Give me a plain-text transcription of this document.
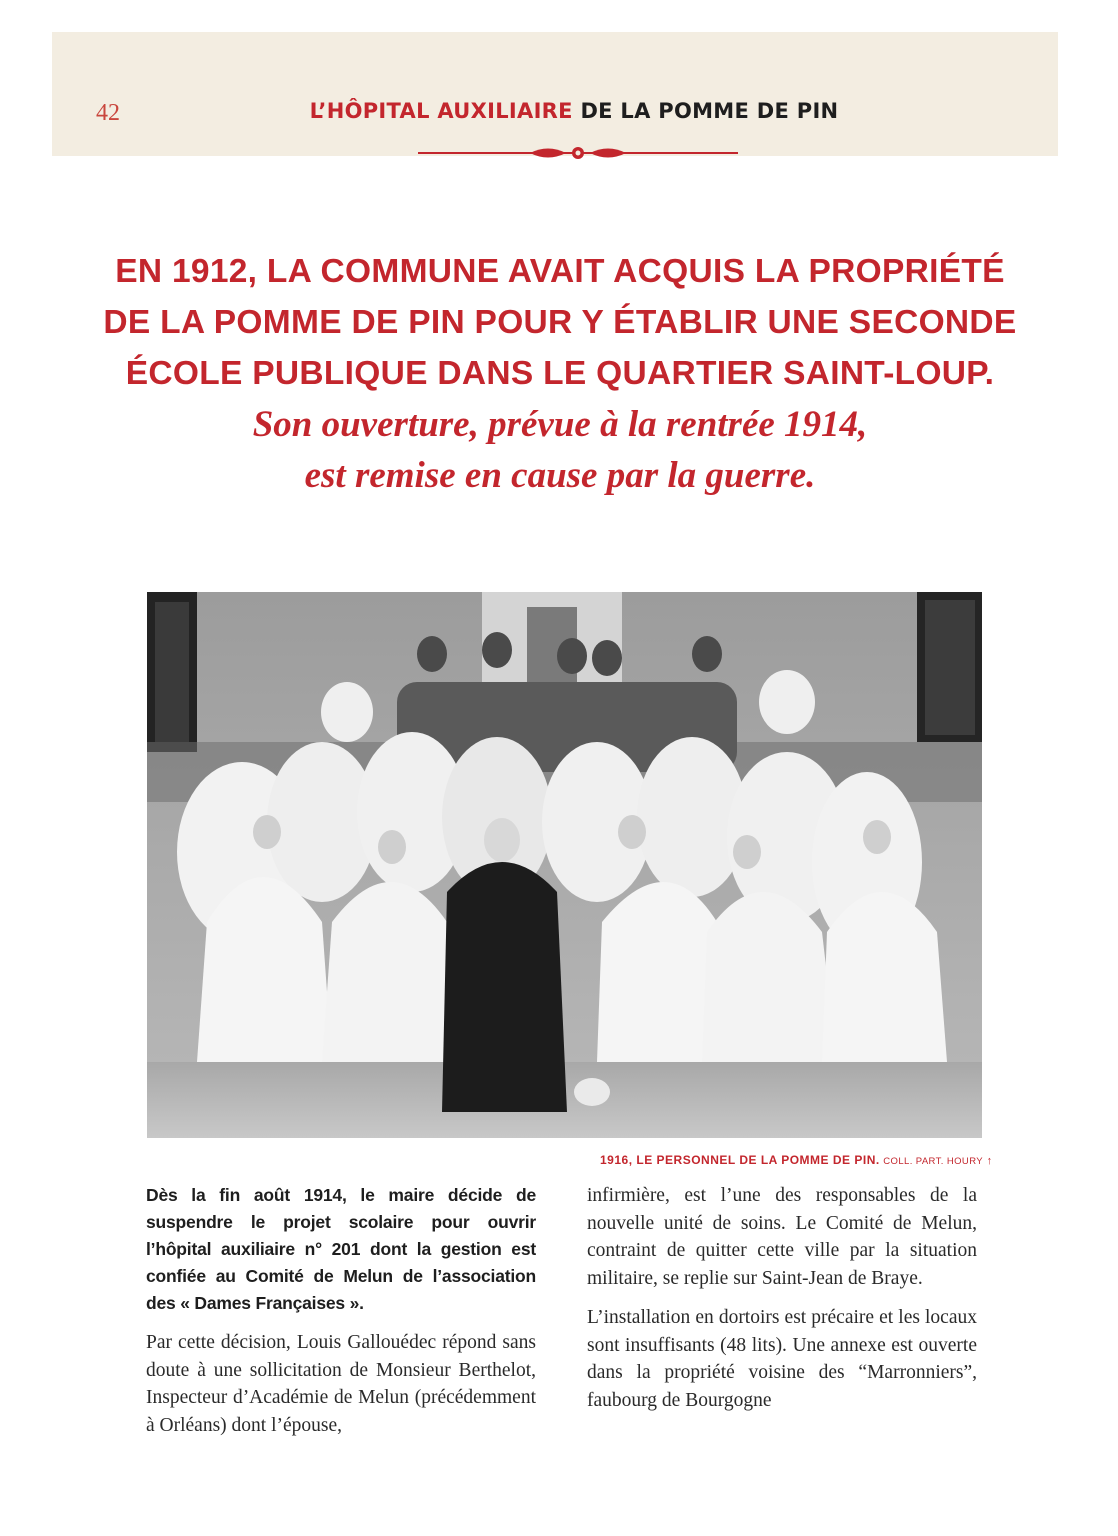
42	L’HÔPITAL AUXILIAIRE DE LA POMME DE PIN
EN 1912, LA COMMUNE AVAIT ACQUIS LA PROPRIÉTÉ
DE LA POMME DE PIN POUR Y ÉTABLIR UNE SECONDE
ÉCOLE PUBLIQUE DANS LE QUARTIER SAINT-LOUP.
Son ouverture, prévue à la rentrée 1914,
est remise en cause par la guerre.
1916, LE PERSONNEL DE LA POMME DE PIN. COLL. PART. HOURY ↑

Dès la fin août 1914, le maire décide de suspendre le projet scolaire pour ouvrir l’hôpital auxiliaire n° 201 dont la gestion est confiée au Comité de Melun de l’association des « Dames Françaises ».

Par cette décision, Louis Gallouédec répond sans doute à une sollicitation de Monsieur Berthelot, Inspecteur d’Académie de Melun (précédemment à Orléans) dont l’épouse,

infirmière, est l’une des responsables de la nouvelle unité de soins. Le Comité de Melun, contraint de quitter cette ville par la situation militaire, se replie sur Saint-Jean de Braye.

L’installation en dortoirs est précaire et les locaux sont insuffisants (48 lits). Une annexe est ouverte dans la propriété voisine des “Marronniers”, faubourg de Bourgogne
